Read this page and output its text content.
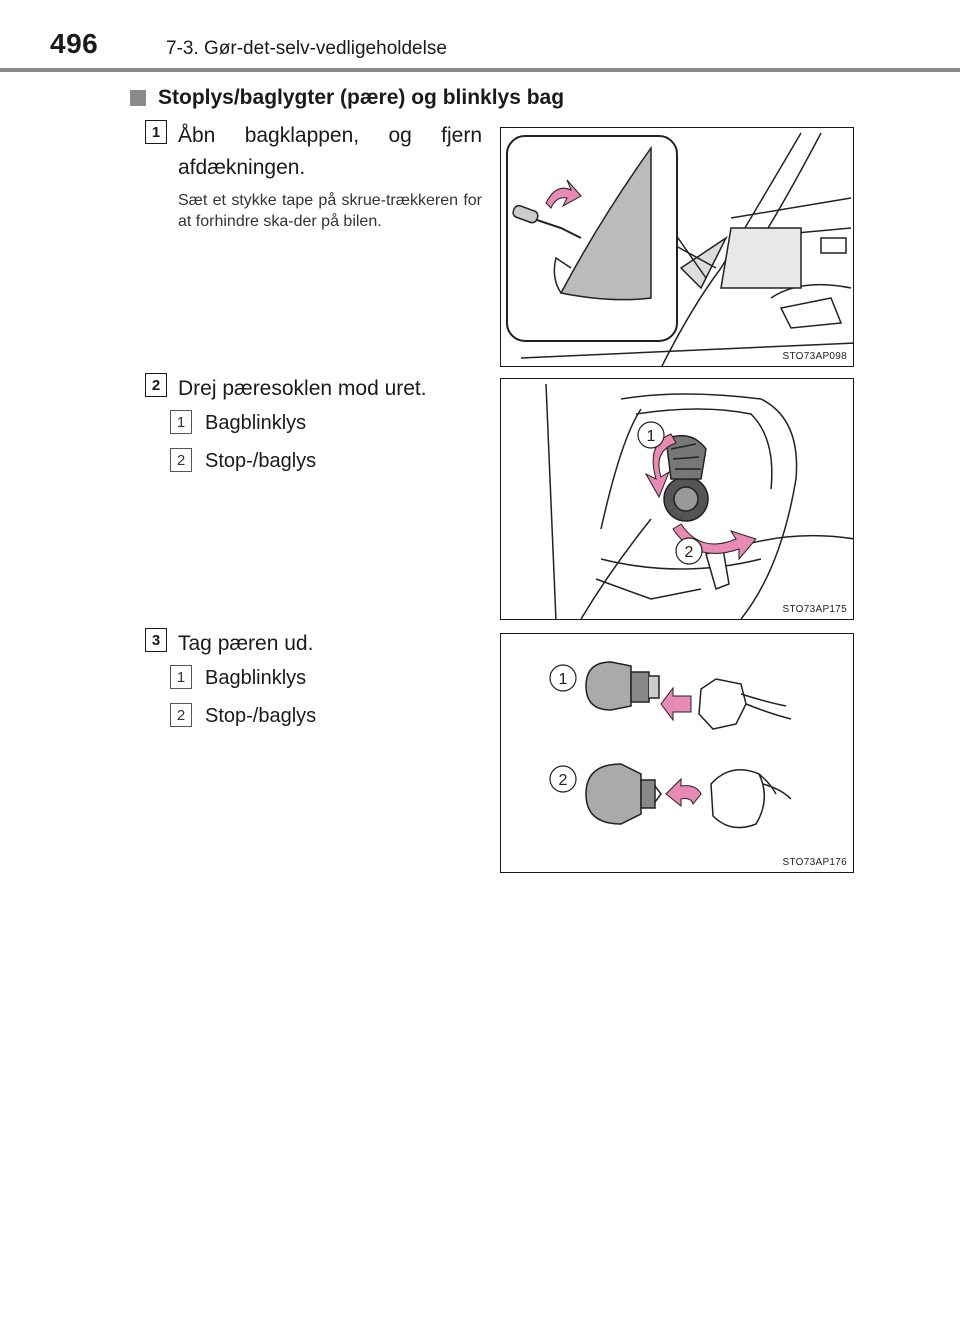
496	7-3. Gør-det-selv-vedligeholdelse
Stoplys/baglygter (pære) og blinklys bag
1 Åbn bagklappen, og fjern
afdækningen.
Sæt et stykke tape på skrue-trækkeren for at forhindre ska-der på bilen.
STO73AP098
2 Drej pæresoklen mod uret.
1 Bagblinklys
2 Stop-/baglys
1
2
STO73AP175
3 Tag pæren ud.
1 Bagblinklys
2 Stop-/baglys
1
2
STO73AP176
